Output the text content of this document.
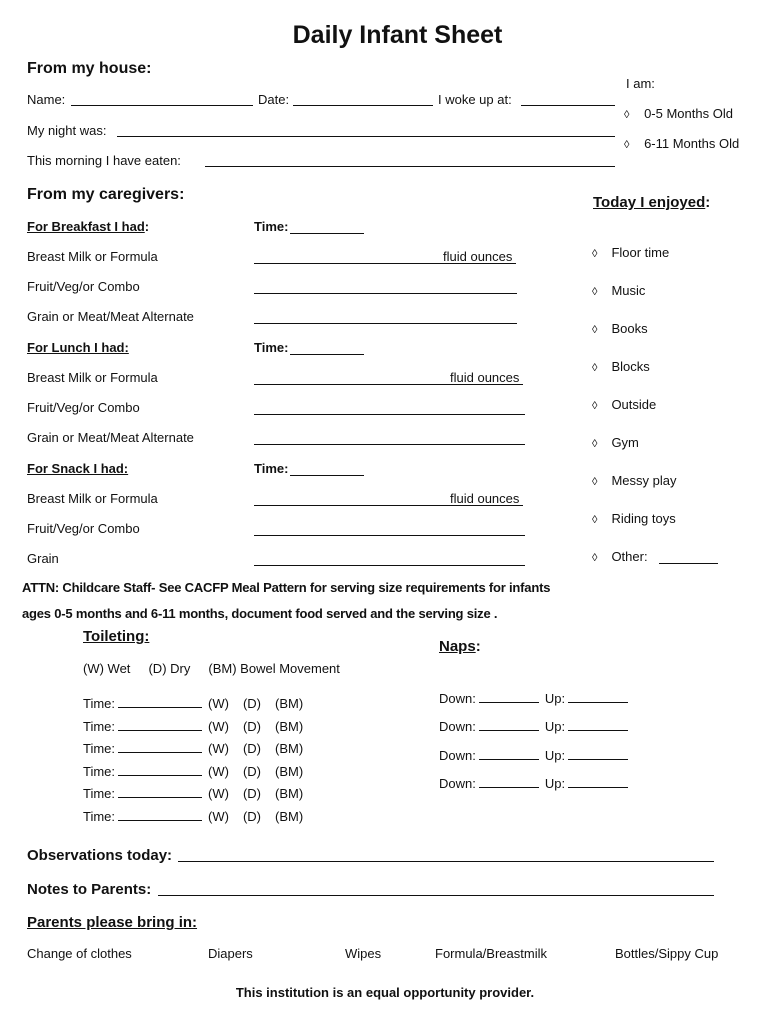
Daily Infant Sheet
From my house:
Name:	Date:	I woke up at:
My night was:
This morning I have eaten:
I am:
◊ 0-5 Months Old
◊ 6-11 Months Old
From my caregivers:
For Breakfast I had:	Time:
Breast Milk or Formula	fluid ounces
Fruit/Veg/or Combo
Grain or Meat/Meat Alternate
For Lunch I had:	Time:
Breast Milk or Formula	fluid ounces
Fruit/Veg/or Combo
Grain or Meat/Meat Alternate
For Snack I had:	Time:
Breast Milk or Formula	fluid ounces
Fruit/Veg/or Combo
Grain
Today I enjoyed:
◊ Floor time
◊ Music
◊ Books
◊ Blocks
◊ Outside
◊ Gym
◊ Messy play
◊ Riding toys
◊ Other:
ATTN: Childcare Staff- See CACFP Meal Pattern for serving size requirements for infants
ages 0-5 months and 6-11 months, document food served and the serving size .
Toileting:
(W) Wet     (D) Dry     (BM) Bowel Movement
Time:	(W) (D) (BM)
Time:	(W) (D) (BM)
Time:	(W) (D) (BM)
Time:	(W) (D) (BM)
Time:	(W) (D) (BM)
Time:	(W) (D) (BM)
Naps:
Down:	Up:
Down:	Up:
Down:	Up:
Down:	Up:
Observations today:
Notes to Parents:
Parents please bring in:
Change of clothes	Diapers	Wipes	Formula/Breastmilk	Bottles/Sippy Cup
This institution is an equal opportunity provider.
